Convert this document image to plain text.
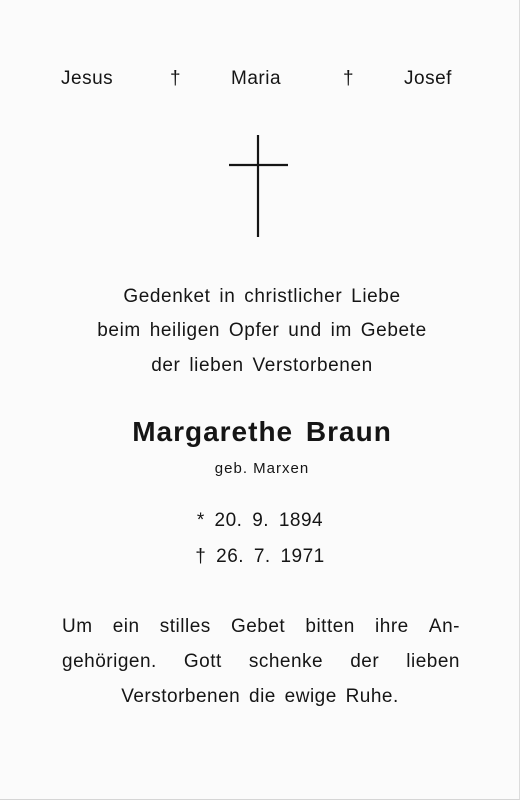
Jesus	†	Maria	†	Josef
Gedenket in christlicher Liebe
beim heiligen Opfer und im Gebete
der lieben Verstorbenen
Margarethe Braun
geb. Marxen
* 20. 9. 1894
† 26. 7. 1971
Um ein stilles Gebet bitten ihre An-
gehörigen. Gott schenke der lieben
Verstorbenen die ewige Ruhe.
